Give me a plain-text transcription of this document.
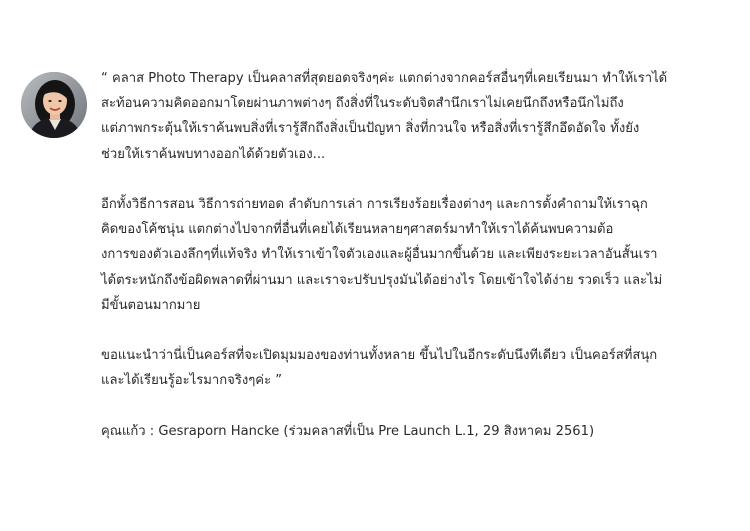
“ คลาส Photo Therapy เป็นคลาสที่สุดยอดจริงๆค่ะ แตกต่างจากคอร์สอื่นๆที่เคยเรียนมา ทำให้เราได้
สะท้อนความคิดออกมาโดยผ่านภาพต่างๆ ถึงสิ่งที่ในระดับจิตสำนึกเราไม่เคยนึกถึงหรือนึกไม่ถึง
แต่ภาพกระตุ้นให้เราค้นพบสิ่งที่เรารู้สึกถึงสิ่งเป็นปัญหา สิ่งที่กวนใจ หรือสิ่งที่เรารู้สึกอึดอัดใจ ทั้งยัง
ช่วยให้เราค้นพบทางออกได้ด้วยตัวเอง...

อีกทั้งวิธีการสอน วิธีการถ่ายทอด ลำดับการเล่า การเรียงร้อยเรื่องต่างๆ และการตั้งคำถามให้เราฉุก
คิดของโค้ชนุ่น แตกต่างไปจากที่อื่นที่เคยได้เรียนหลายๆศาสตร์มาทำให้เราได้ค้นพบความต้อ
งการของตัวเองลึกๆที่แท้จริง ทำให้เราเข้าใจตัวเองและผู้อื่นมากขึ้นด้วย และเพียงระยะเวลาอันสั้นเรา
ได้ตระหนักถึงข้อผิดพลาดที่ผ่านมา และเราจะปรับปรุงมันได้อย่างไร โดยเข้าใจได้ง่าย รวดเร็ว และไม่
มีขั้นตอนมากมาย

ขอแนะนำว่านี่เป็นคอร์สที่จะเปิดมุมมองของท่านทั้งหลาย ขึ้นไปในอีกระดับนึงทีเดียว เป็นคอร์สที่สนุก
และได้เรียนรู้อะไรมากจริงๆค่ะ ”

คุณแก้ว : Gesraporn Hancke (ร่วมคลาสที่เป็น Pre Launch L.1, 29 สิงหาคม 2561)
